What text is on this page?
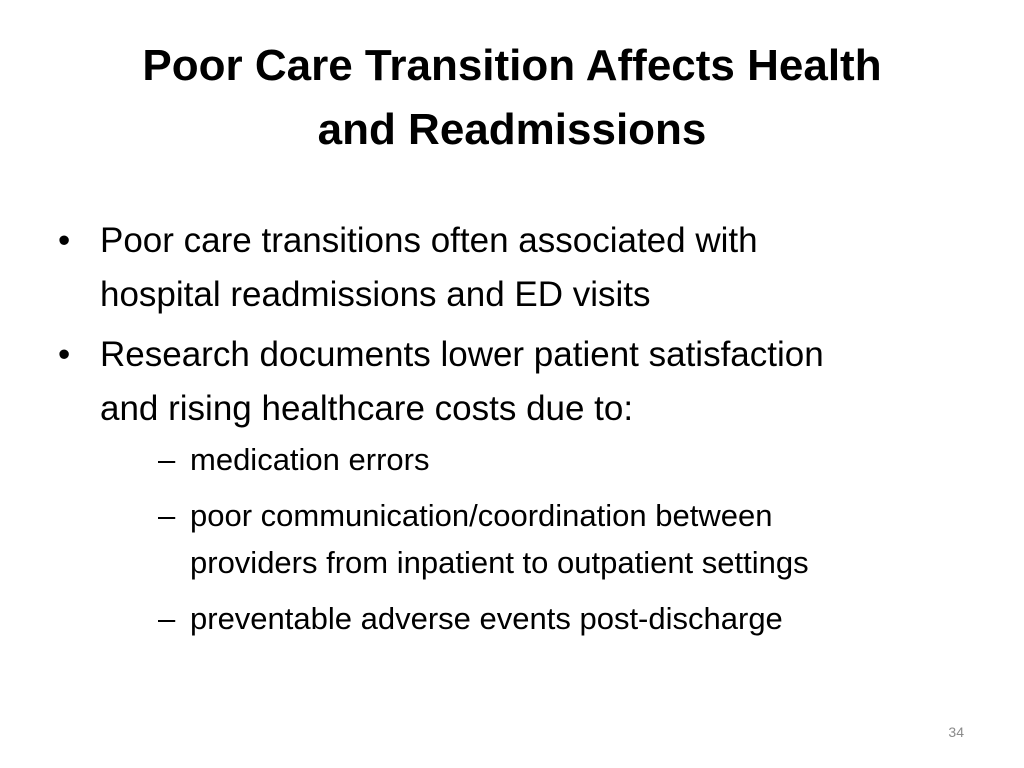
Poor Care Transition Affects Health
and Readmissions
• Poor care transitions often associated with
hospital readmissions and ED visits
• Research documents lower patient satisfaction
and rising healthcare costs due to:
– medication errors
– poor communication/coordination between
providers from inpatient to outpatient settings
– preventable adverse events post-discharge
34
